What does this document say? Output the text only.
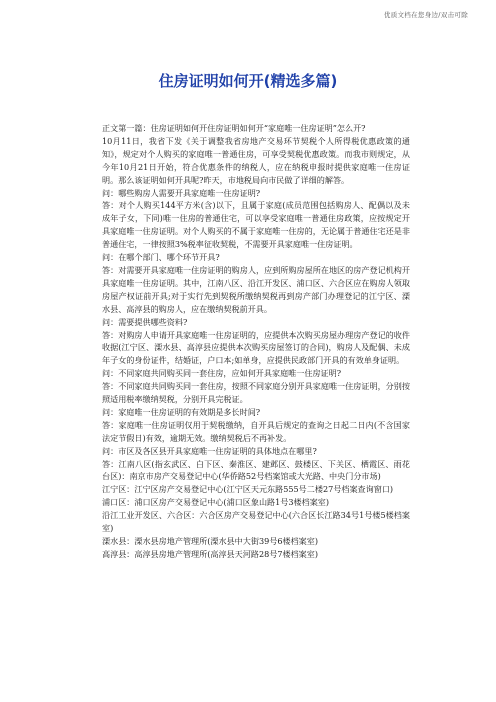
优质文档在您身边/双击可除
住房证明如何开(精选多篇)

正文第一篇：住房证明如何开住房证明如何开“家庭唯一住房证明”怎么开?

10月11日，我省下发《关于调整我省房地产交易环节契税个人所得税优惠政策的通知》，规定对个人购买的家庭唯一普通住房，可享受契税优惠政策。而我市则规定，从今年10月21日开始，符合优惠条件的纳税人，应在纳税申报时提供家庭唯一住房证明。那么该证明如何开具呢?昨天，市地税局向市民做了详细的解答。

问：哪些购房人需要开具家庭唯一住房证明?

答：对个人购买144平方米(含)以下，且属于家庭(成员范围包括购房人、配偶以及未成年子女，下同)唯一住房的普通住宅，可以享受家庭唯一普通住房政策，应按规定开具家庭唯一住房证明。对个人购买的不属于家庭唯一住房的，无论属于普通住宅还是非普通住宅，一律按照3%税率征收契税，不需要开具家庭唯一住房证明。

问：在哪个部门、哪个环节开具?

答：对需要开具家庭唯一住房证明的购房人，应到所购房屋所在地区的房产登记机构开具家庭唯一住房证明。其中，江南八区、沿江开发区、浦口区、六合区应在购房人领取房屋产权证前开具;对于实行先到契税所缴纳契税再到房产部门办理登记的江宁区、溧水县、高淳县的购房人，应在缴纳契税前开具。

问：需要提供哪些资料?

答：对购房人申请开具家庭唯一住房证明的，应提供本次购买房屋办理房产登记的收件收据(江宁区、溧水县、高淳县应提供本次购买房屋签订的合同)，购房人及配偶、未成年子女的身份证件，结婚证，户口本;如单身，应提供民政部门开具的有效单身证明。

问：不同家庭共同购买同一套住房，应如何开具家庭唯一住房证明?

答：不同家庭共同购买同一套住房，按照不同家庭分别开具家庭唯一住房证明，分别按照适用税率缴纳契税，分别开具完税证。

问：家庭唯一住房证明的有效期是多长时间?

答：家庭唯一住房证明仅用于契税缴纳，自开具后规定的查询之日起二日内(不含国家法定节假日)有效，逾期无效。缴纳契税后不再补发。

问：市区及各区县开具家庭唯一住房证明的具体地点在哪里?

答：江南八区(指玄武区、白下区、秦淮区、建邺区、鼓楼区、下关区、栖霞区、雨花台区)：南京市房产交易登记中心(华侨路52号档案馆或大光路、中央门分市场)

江宁区：江宁区房产交易登记中心(江宁区天元东路555号二楼27号档案查询窗口)

浦口区：浦口区房产交易登记中心(浦口区象山路1号3楼档案室)

沿江工业开发区、六合区：六合区房产交易登记中心(六合区长江路34号1号楼5楼档案室)

溧水县：溧水县房地产管理所(溧水县中大街39号6楼档案室)

高淳县：高淳县房地产管理所(高淳县天河路28号7楼档案室)
